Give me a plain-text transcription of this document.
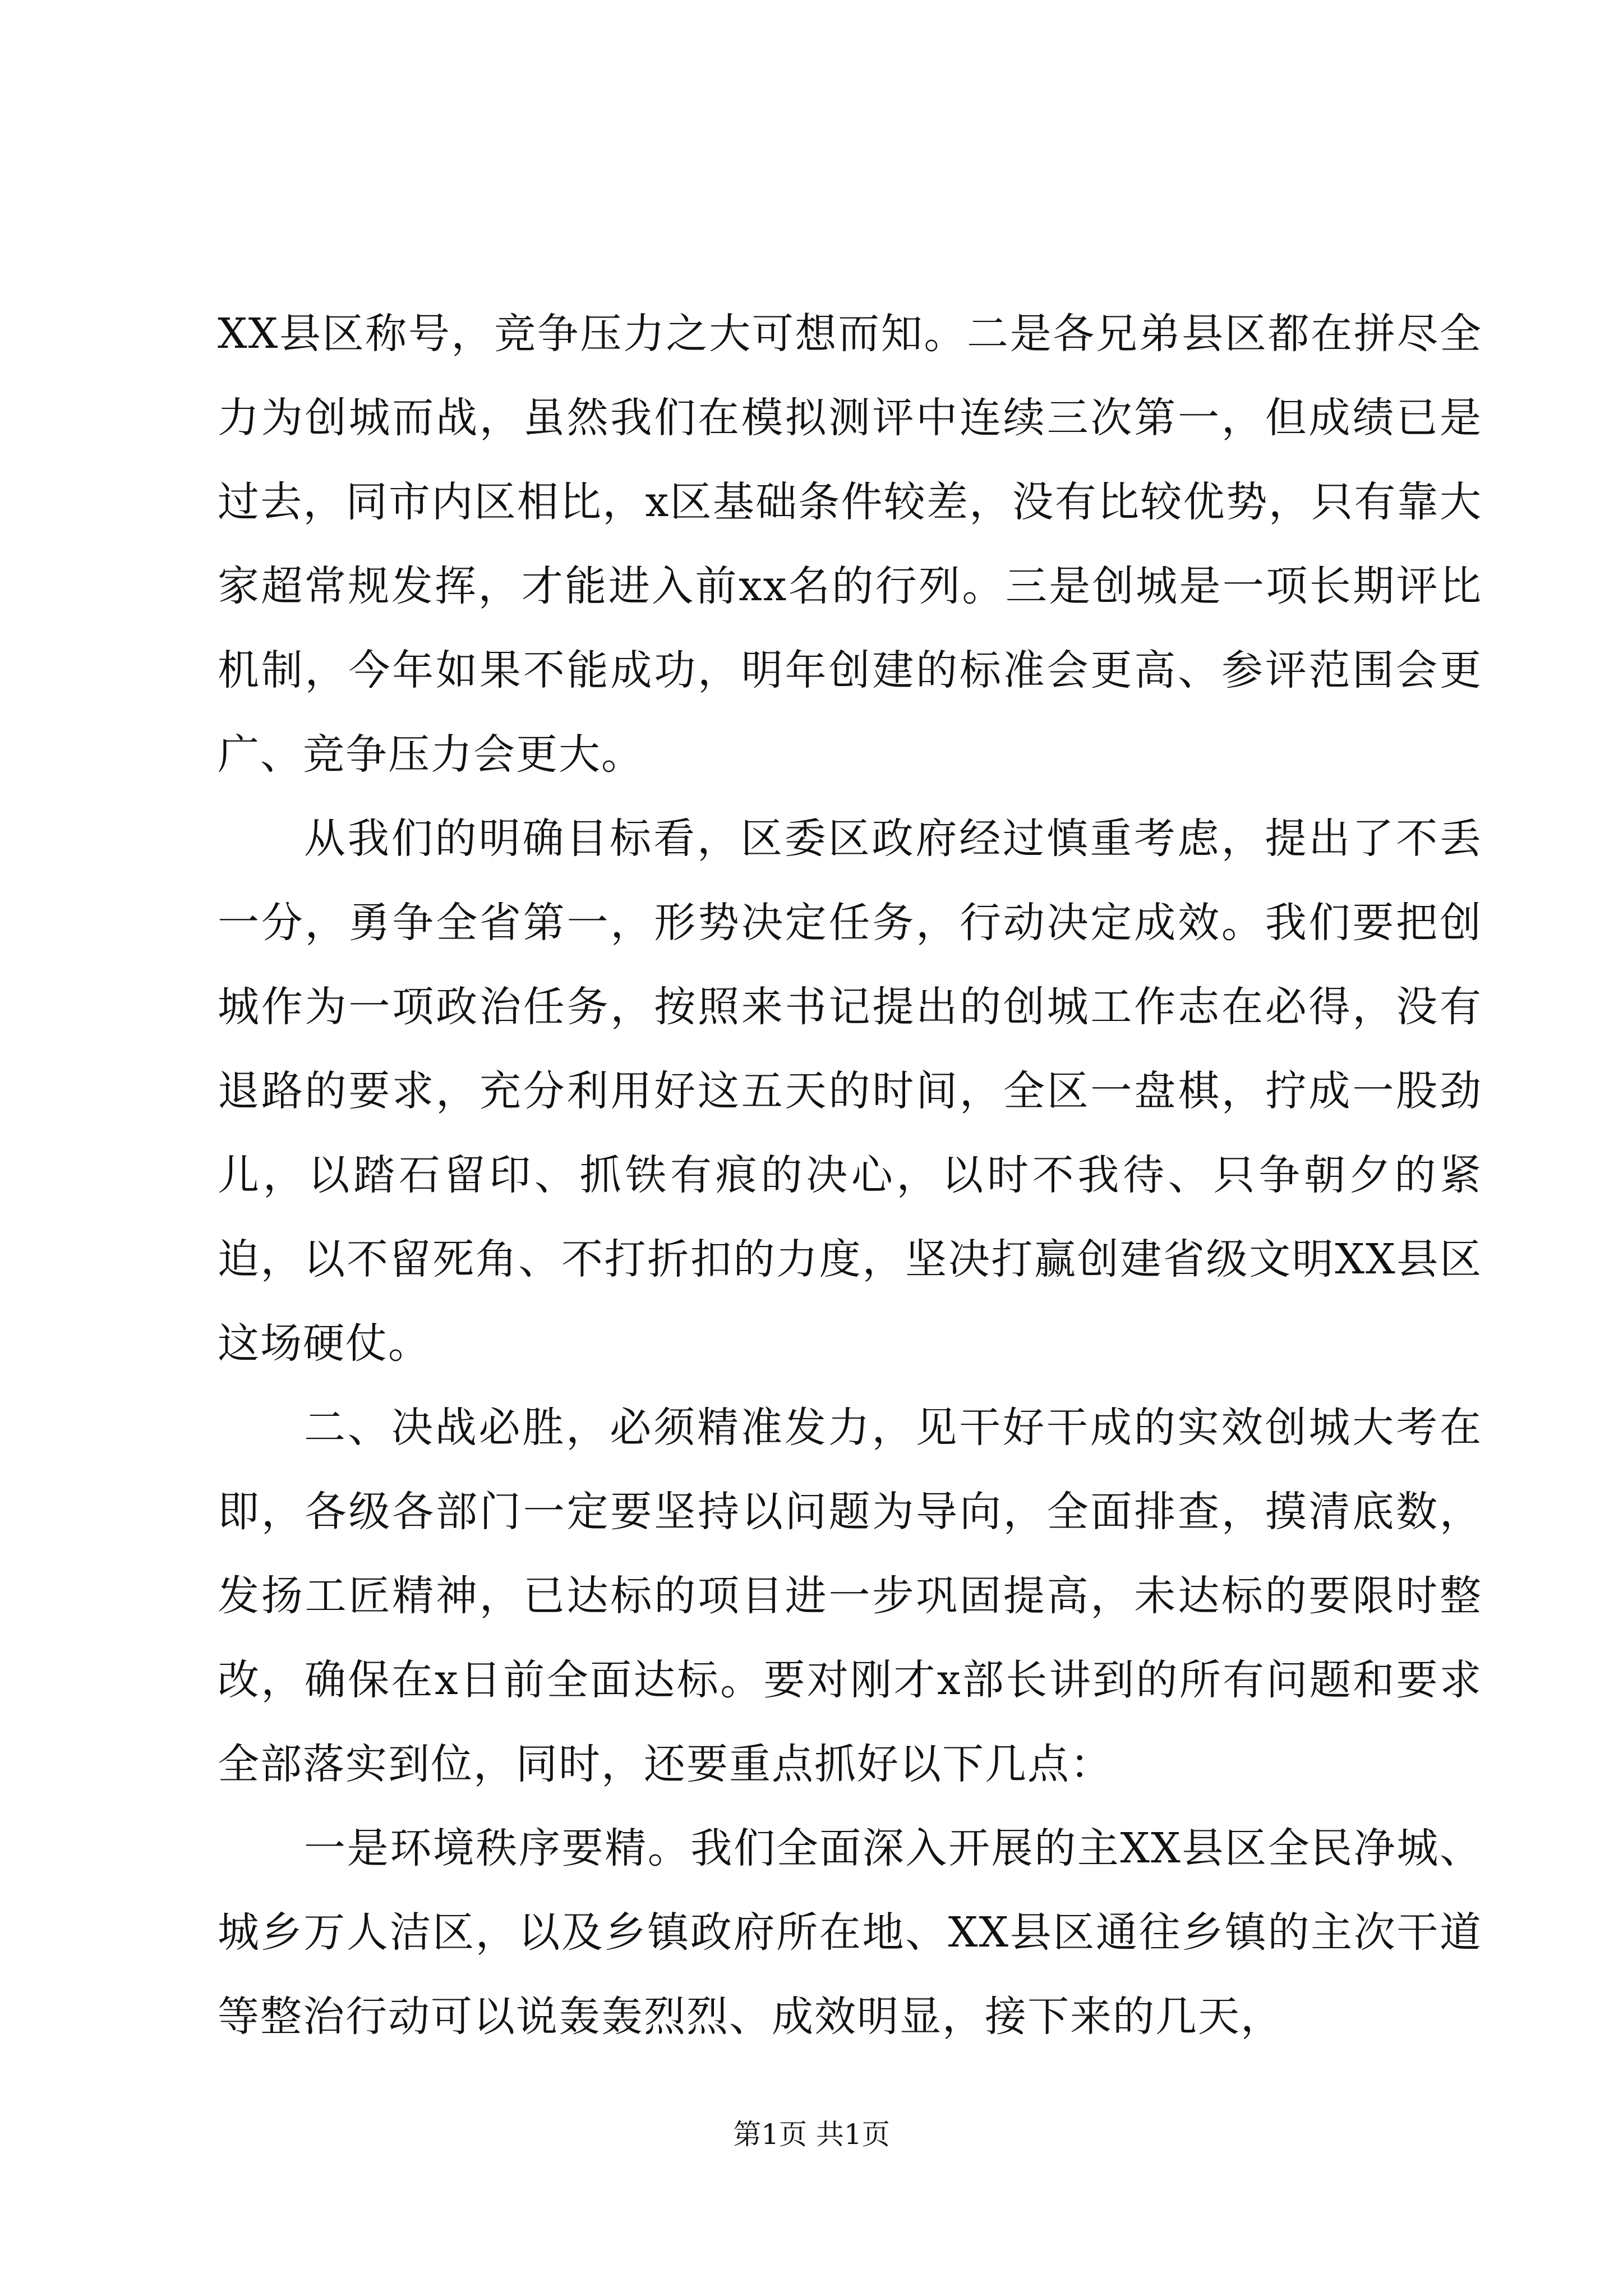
XX县区称号，竞争压力之大可想而知。二是各兄弟县区都在拼尽全力为创城而战，虽然我们在模拟测评中连续三次第一，但成绩已是过去，同市内区相比，x区基础条件较差，没有比较优势，只有靠大家超常规发挥，才能进入前xx名的行列。三是创城是一项长期评比机制，今年如果不能成功，明年创建的标准会更高、参评范围会更广、竞争压力会更大。

从我们的明确目标看，区委区政府经过慎重考虑，提出了不丢一分，勇争全省第一，形势决定任务，行动决定成效。我们要把创城作为一项政治任务，按照来书记提出的创城工作志在必得，没有退路的要求，充分利用好这五天的时间，全区一盘棋，拧成一股劲儿，以踏石留印、抓铁有痕的决心，以时不我待、只争朝夕的紧迫，以不留死角、不打折扣的力度，坚决打赢创建省级文明XX县区这场硬仗。

二、决战必胜，必须精准发力，见干好干成的实效创城大考在即，各级各部门一定要坚持以问题为导向，全面排查，摸清底数，发扬工匠精神，已达标的项目进一步巩固提高，未达标的要限时整改，确保在x日前全面达标。要对刚才x部长讲到的所有问题和要求全部落实到位，同时，还要重点抓好以下几点：

一是环境秩序要精。我们全面深入开展的主XX县区全民净城、城乡万人洁区，以及乡镇政府所在地、XX县区通往乡镇的主次干道等整治行动可以说轰轰烈烈、成效明显，接下来的几天，

第1页 共1页
